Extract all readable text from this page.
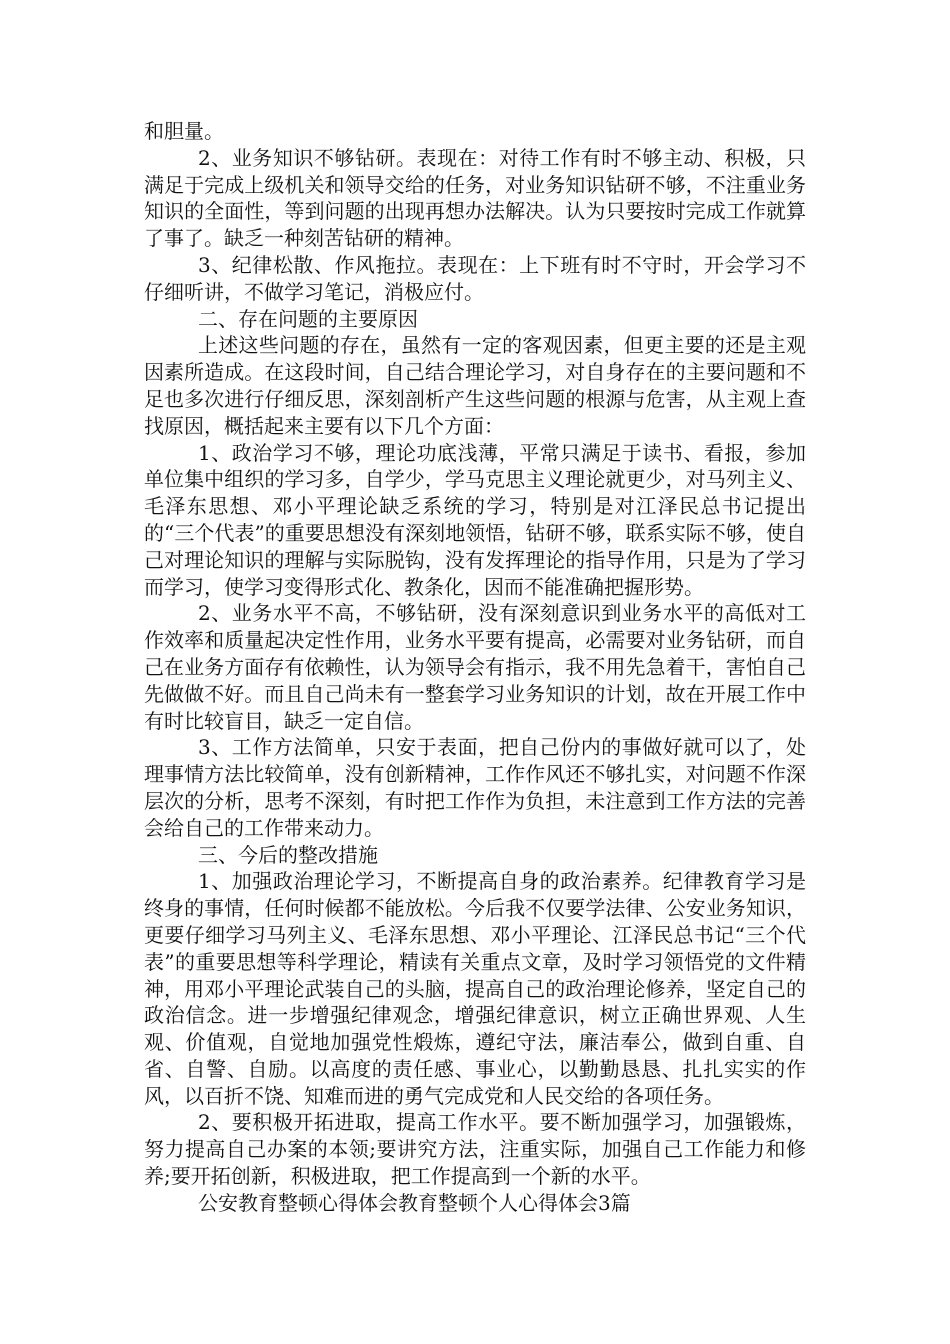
和胆量。

2、业务知识不够钻研。表现在：对待工作有时不够主动、积极，只满足于完成上级机关和领导交给的任务，对业务知识钻研不够，不注重业务知识的全面性，等到问题的出现再想办法解决。认为只要按时完成工作就算了事了。缺乏一种刻苦钻研的精神。

3、纪律松散、作风拖拉。表现在：上下班有时不守时，开会学习不仔细听讲，不做学习笔记，消极应付。

二、存在问题的主要原因

上述这些问题的存在，虽然有一定的客观因素，但更主要的还是主观因素所造成。在这段时间，自己结合理论学习，对自身存在的主要问题和不足也多次进行仔细反思，深刻剖析产生这些问题的根源与危害，从主观上查找原因，概括起来主要有以下几个方面：

1、政治学习不够，理论功底浅薄，平常只满足于读书、看报，参加单位集中组织的学习多，自学少，学马克思主义理论就更少，对马列主义、毛泽东思想、邓小平理论缺乏系统的学习，特别是对江泽民总书记提出的“三个代表”的重要思想没有深刻地领悟，钻研不够，联系实际不够，使自己对理论知识的理解与实际脱钩，没有发挥理论的指导作用，只是为了学习而学习，使学习变得形式化、教条化，因而不能准确把握形势。

2、业务水平不高，不够钻研，没有深刻意识到业务水平的高低对工作效率和质量起决定性作用，业务水平要有提高，必需要对业务钻研，而自己在业务方面存有依赖性，认为领导会有指示，我不用先急着干，害怕自己先做做不好。而且自己尚未有一整套学习业务知识的计划，故在开展工作中有时比较盲目，缺乏一定自信。

3、工作方法简单，只安于表面，把自己份内的事做好就可以了，处理事情方法比较简单，没有创新精神，工作作风还不够扎实，对问题不作深层次的分析，思考不深刻，有时把工作作为负担，未注意到工作方法的完善会给自己的工作带来动力。

三、今后的整改措施

1、加强政治理论学习，不断提高自身的政治素养。纪律教育学习是终身的事情，任何时候都不能放松。今后我不仅要学法律、公安业务知识，更要仔细学习马列主义、毛泽东思想、邓小平理论、江泽民总书记“三个代表”的重要思想等科学理论，精读有关重点文章，及时学习领悟党的文件精神，用邓小平理论武装自己的头脑，提高自己的政治理论修养，坚定自己的政治信念。进一步增强纪律观念，增强纪律意识，树立正确世界观、人生观、价值观，自觉地加强党性煅炼，遵纪守法，廉洁奉公，做到自重、自省、自警、自励。以高度的责任感、事业心，以勤勤恳恳、扎扎实实的作风，以百折不饶、知难而进的勇气完成党和人民交给的各项任务。

2、要积极开拓进取，提高工作水平。要不断加强学习，加强锻炼，努力提高自己办案的本领;要讲究方法，注重实际，加强自己工作能力和修养;要开拓创新，积极进取，把工作提高到一个新的水平。

公安教育整顿心得体会教育整顿个人心得体会3篇
